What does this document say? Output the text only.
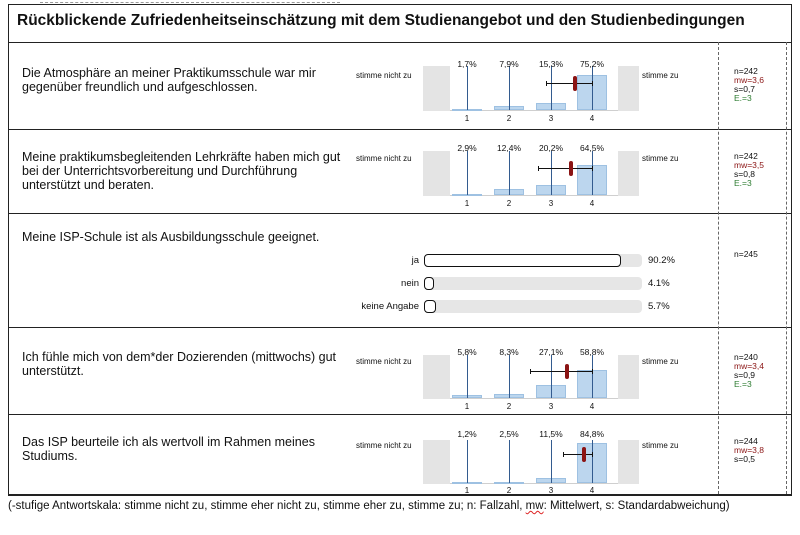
Rückblickende Zufriedenheitseinschätzung mit dem Studienangebot und den Studienbedingungen
Die Atmosphäre an meiner Praktikumsschule war mir gegenüber freundlich und aufgeschlossen.
stimme nicht zu	stimme zu
1,7%
1
7,9%
2
15,3%
3
75,2%
4
n=242
mw=3,6
s=0,7
E.=3
Meine praktikumsbegleitenden Lehrkräfte haben mich gut bei der Unterrichtsvorbereitung und Durchführung unterstützt und beraten.
stimme nicht zu	stimme zu
2,9%
1
12,4%
2
20,2%
3
64,5%
4
n=242
mw=3,5
s=0,8
E.=3
Ich fühle mich von dem*der Dozierenden (mittwochs) gut unterstützt.
stimme nicht zu	stimme zu
5,8%
1
8,3%
2
27,1%
3
58,8%
4
n=240
mw=3,4
s=0,9
E.=3
Das ISP beurteile ich als wertvoll im Rahmen meines Studiums.
stimme nicht zu	stimme zu
1,2%
1
2,5%
2
11,5%
3
84,8%
4
n=244
mw=3,8
s=0,5
Meine ISP-Schule ist als Ausbildungsschule geeignet.
n=245
ja	90.2%
nein	4.1%
keine Angabe	5.7%
(-stufige Antwortskala: stimme nicht zu, stimme eher nicht zu, stimme eher zu, stimme zu; n: Fallzahl, mw: Mittelwert, s: Standardabweichung)
